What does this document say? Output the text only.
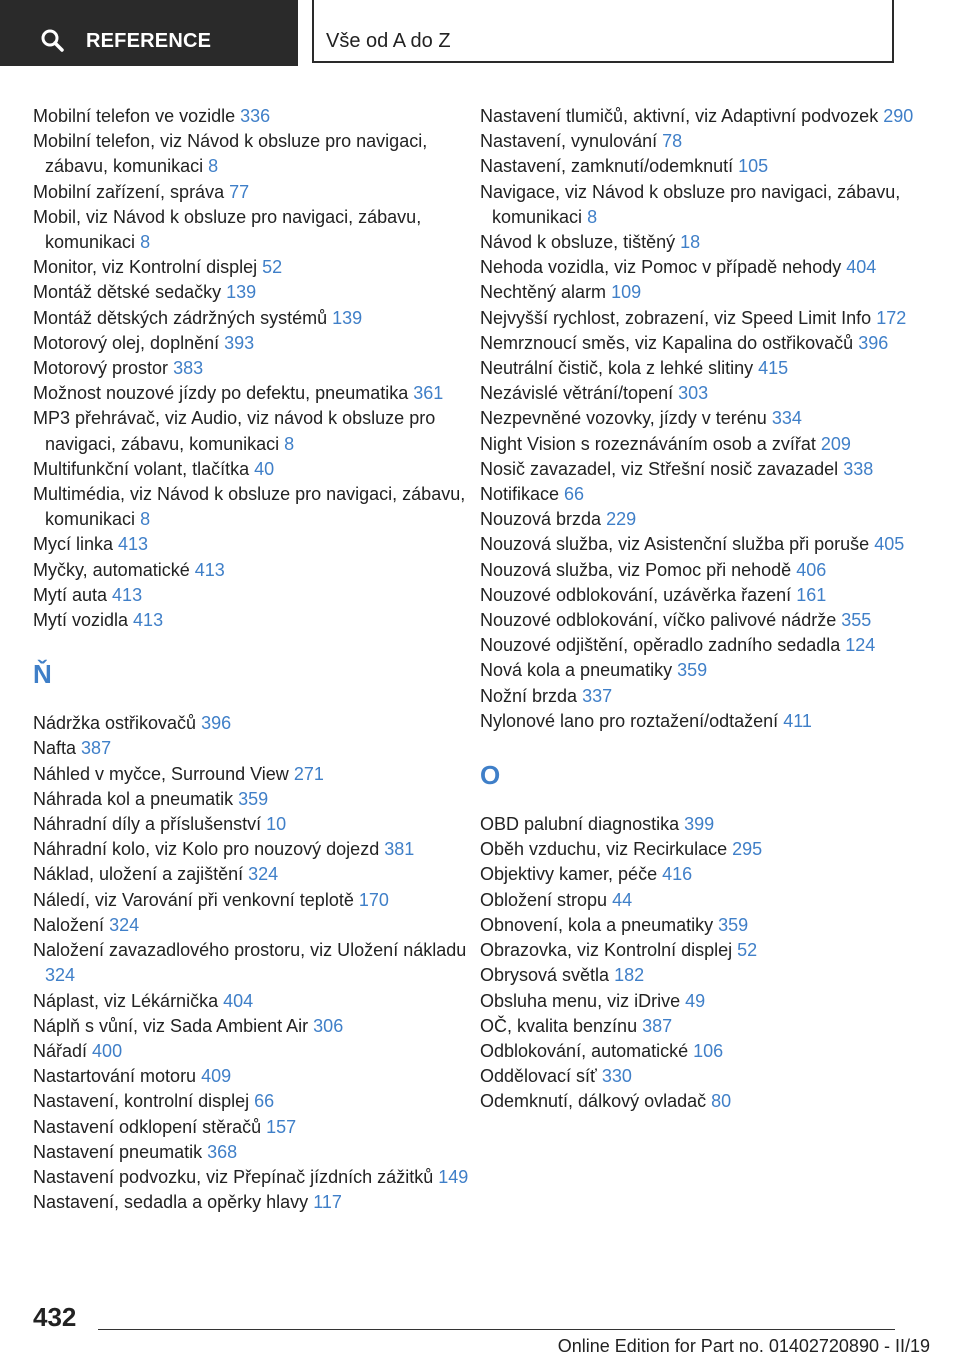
REFERENCE	Vše od A do Z
Mobilní telefon ve vozidle 336
Mobilní telefon, viz Návod k obsluze pro navigaci, zábavu, komunikaci 8
Mobilní zařízení, správa 77
Mobil, viz Návod k obsluze pro navigaci, zábavu, komunikaci 8
Monitor, viz Kontrolní displej 52
Montáž dětské sedačky 139
Montáž dětských zádržných systémů 139
Motorový olej, doplnění 393
Motorový prostor 383
Možnost nouzové jízdy po defektu, pneumatika 361
MP3 přehrávač, viz Audio, viz návod k obsluze pro navigaci, zábavu, komunikaci 8
Multifunkční volant, tlačítka 40
Multimédia, viz Návod k obsluze pro navigaci, zábavu, komunikaci 8
Mycí linka 413
Myčky, automatické 413
Mytí auta 413
Mytí vozidla 413
Ň
Nádržka ostřikovačů 396
Nafta 387
Náhled v myčce, Surround View 271
Náhrada kol a pneumatik 359
Náhradní díly a příslušenství 10
Náhradní kolo, viz Kolo pro nouzový dojezd 381
Náklad, uložení a zajištění 324
Náledí, viz Varování při venkovní teplotě 170
Naložení 324
Naložení zavazadlového prostoru, viz Uložení nákladu 324
Náplast, viz Lékárnička 404
Náplň s vůní, viz Sada Ambient Air 306
Nářadí 400
Nastartování motoru 409
Nastavení, kontrolní displej 66
Nastavení odklopení stěračů 157
Nastavení pneumatik 368
Nastavení podvozku, viz Přepínač jízdních zážitků 149
Nastavení, sedadla a opěrky hlavy 117
Nastavení tlumičů, aktivní, viz Adaptivní podvozek 290
Nastavení, vynulování 78
Nastavení, zamknutí/odemknutí 105
Navigace, viz Návod k obsluze pro navigaci, zábavu, komunikaci 8
Návod k obsluze, tištěný 18
Nehoda vozidla, viz Pomoc v případě nehody 404
Nechtěný alarm 109
Nejvyšší rychlost, zobrazení, viz Speed Limit Info 172
Nemrznoucí směs, viz Kapalina do ostřikovačů 396
Neutrální čistič, kola z lehké slitiny 415
Nezávislé větrání/topení 303
Nezpevněné vozovky, jízdy v terénu 334
Night Vision s rozeznáváním osob a zvířat 209
Nosič zavazadel, viz Střešní nosič zavazadel 338
Notifikace 66
Nouzová brzda 229
Nouzová služba, viz Asistenční služba při poruše 405
Nouzová služba, viz Pomoc při nehodě 406
Nouzové odblokování, uzávěrka řazení 161
Nouzové odblokování, víčko palivové nádrže 355
Nouzové odjištění, opěradlo zadního sedadla 124
Nová kola a pneumatiky 359
Nožní brzda 337
Nylonové lano pro roztažení/odtažení 411
O
OBD palubní diagnostika 399
Oběh vzduchu, viz Recirkulace 295
Objektivy kamer, péče 416
Obložení stropu 44
Obnovení, kola a pneumatiky 359
Obrazovka, viz Kontrolní displej 52
Obrysová světla 182
Obsluha menu, viz iDrive 49
OČ, kvalita benzínu 387
Odblokování, automatické 106
Oddělovací síť 330
Odemknutí, dálkový ovladač 80
432
Online Edition for Part no. 01402720890 - II/19
